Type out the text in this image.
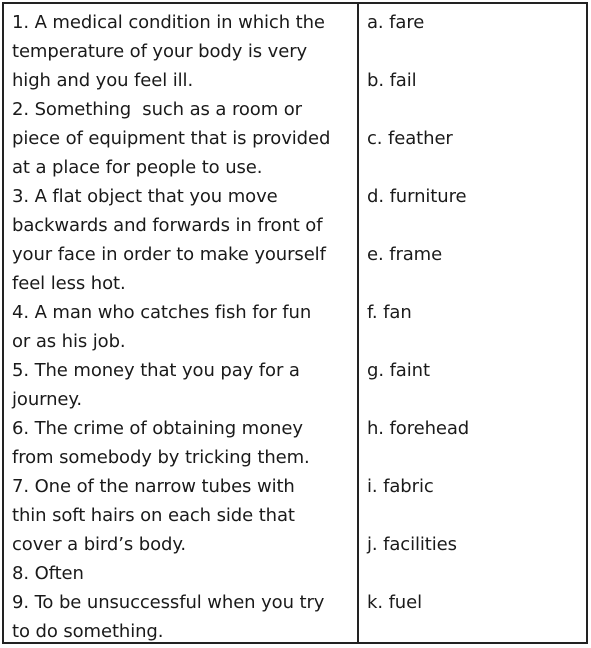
1. A medical condition in which the
temperature of your body is very
high and you feel ill.
2. Something  such as a room or
piece of equipment that is provided
at a place for people to use.
3. A flat object that you move
backwards and forwards in front of
your face in order to make yourself
feel less hot.
4. A man who catches fish for fun
or as his job.
5. The money that you pay for a
journey.
6. The crime of obtaining money
from somebody by tricking them.
7. One of the narrow tubes with
thin soft hairs on each side that
cover a bird’s body.
8. Often
9. To be unsuccessful when you try
to do something.
a. fare
b. fail
c. feather
d. furniture
e. frame
f. fan
g. faint
h. forehead
i. fabric
j. facilities
k. fuel
